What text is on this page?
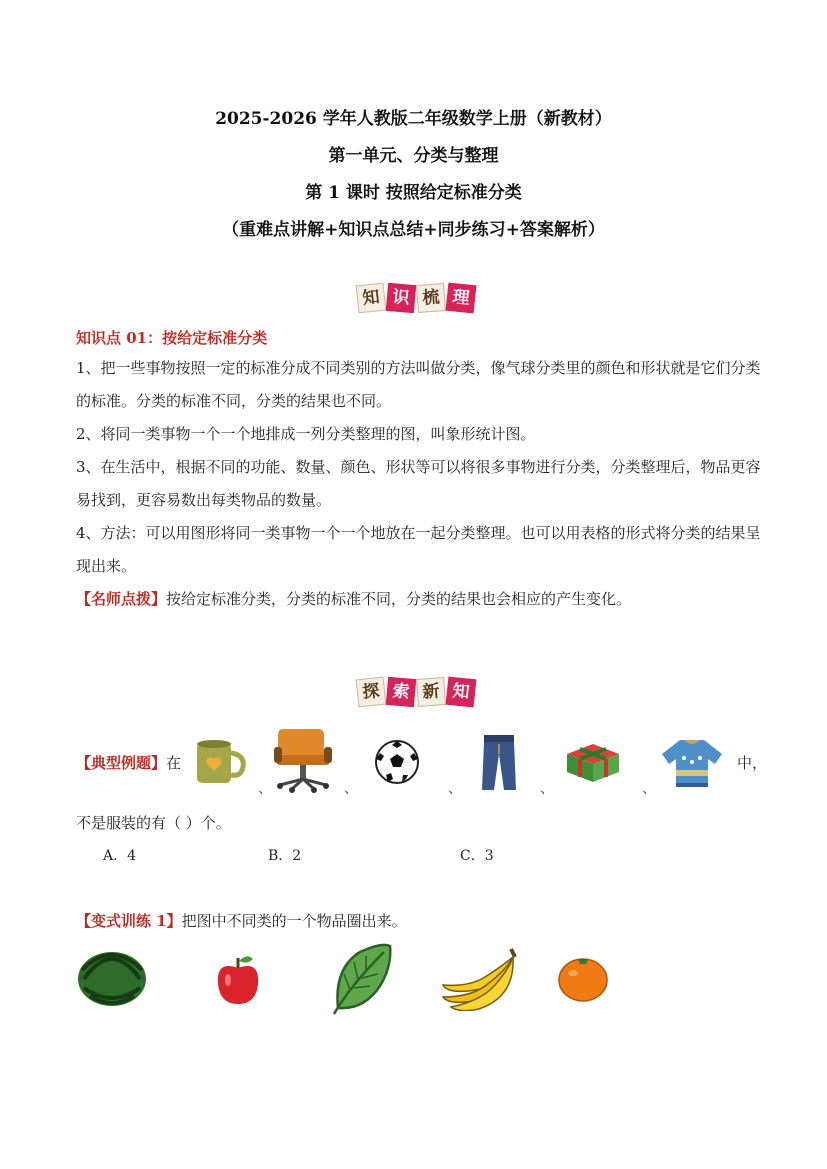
2025-2026 学年人教版二年级数学上册（新教材）
第一单元、分类与整理
第 1 课时 按照给定标准分类
（重难点讲解+知识点总结+同步练习+答案解析）
知 识 梳 理
知识点 01：按给定标准分类
1、把一些事物按照一定的标准分成不同类别的方法叫做分类，像气球分类里的颜色和形状就是它们分类的标准。分类的标准不同，分类的结果也不同。
2、将同一类事物一个一个地排成一列分类整理的图，叫象形统计图。
3、在生活中，根据不同的功能、数量、颜色、形状等可以将很多事物进行分类，分类整理后，物品更容易找到，更容易数出每类物品的数量。
4、方法：可以用图形将同一类事物一个一个地放在一起分类整理。也可以用表格的形式将分类的结果呈现出来。
【名师点拨】按给定标准分类，分类的标准不同，分类的结果也会相应的产生变化。
探 索 新 知
【典型例题】在
、	、	、	、	、
中，
不是服装的有（ ）个。
A．4	B．2	C．3
【变式训练 1】把图中不同类的一个物品圈出来。
